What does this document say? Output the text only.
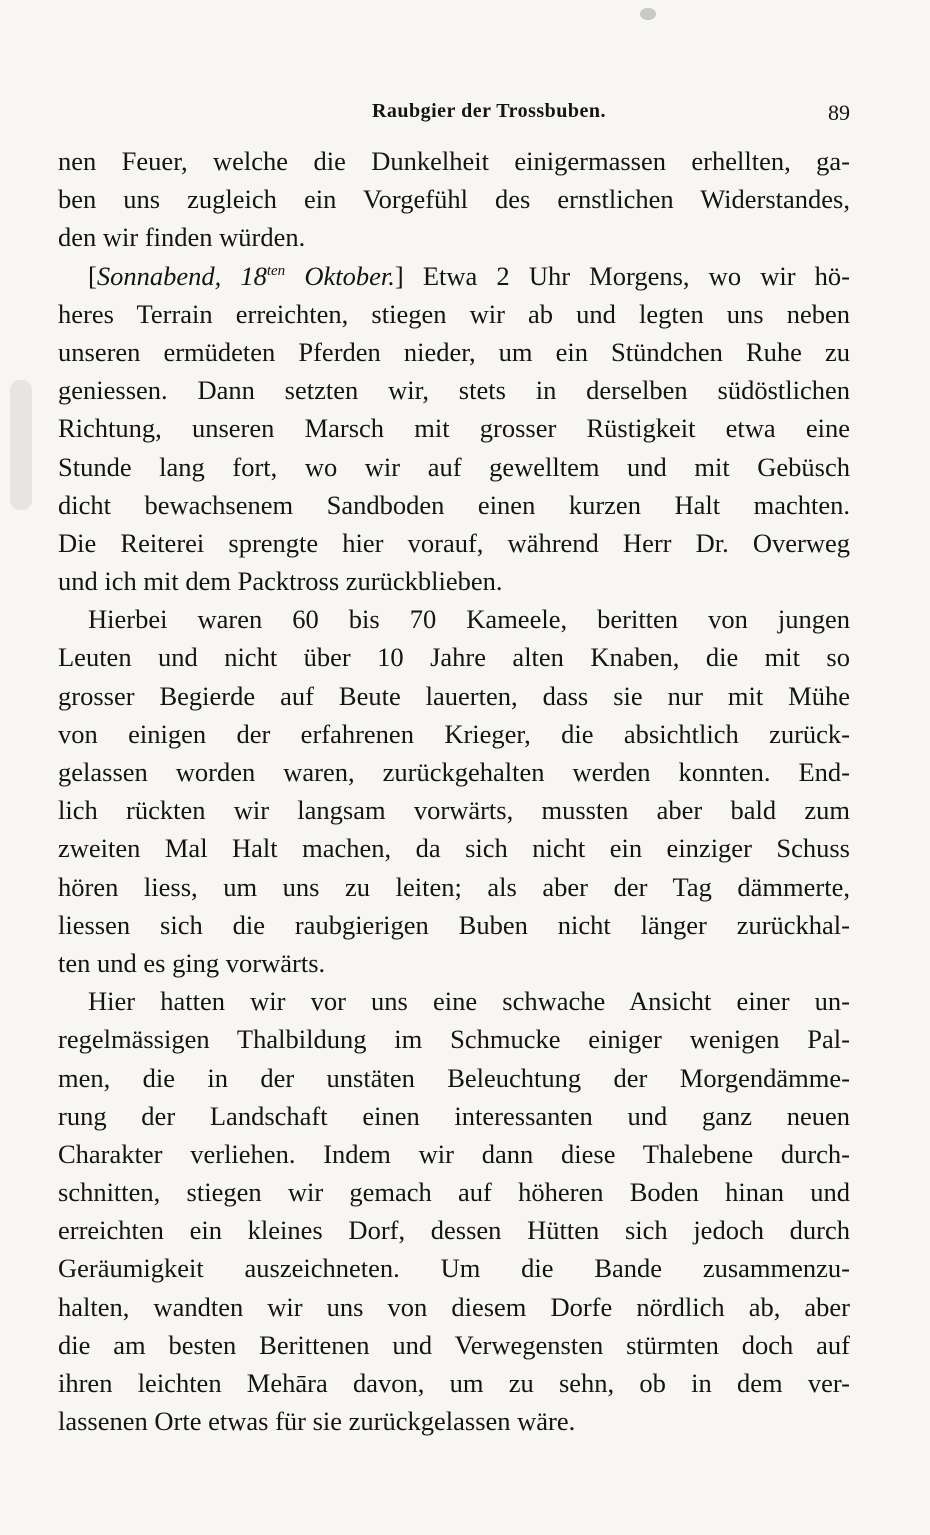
Raubgier der Trossbuben.	89
nen Feuer, welche die Dunkelheit einigermassen erhellten, ga-
ben uns zugleich ein Vorgefühl des ernstlichen Widerstandes,
den wir finden würden.
[Sonnabend, $18^{ten}$ Oktober.] Etwa 2 Uhr Morgens, wo wir hö-
heres Terrain erreichten, stiegen wir ab und legten uns neben
unseren ermüdeten Pferden nieder, um ein Stündchen Ruhe zu
geniessen. Dann setzten wir, stets in derselben südöstlichen
Richtung, unseren Marsch mit grosser Rüstigkeit etwa eine
Stunde lang fort, wo wir auf gewelltem und mit Gebüsch
dicht bewachsenem Sandboden einen kurzen Halt machten.
Die Reiterei sprengte hier vorauf, während Herr Dr. Overweg
und ich mit dem Packtross zurückblieben.
Hierbei waren 60 bis 70 Kameele, beritten von jungen
Leuten und nicht über 10 Jahre alten Knaben, die mit so
grosser Begierde auf Beute lauerten, dass sie nur mit Mühe
von einigen der erfahrenen Krieger, die absichtlich zurück-
gelassen worden waren, zurückgehalten werden konnten. End-
lich rückten wir langsam vorwärts, mussten aber bald zum
zweiten Mal Halt machen, da sich nicht ein einziger Schuss
hören liess, um uns zu leiten; als aber der Tag dämmerte,
liessen sich die raubgierigen Buben nicht länger zurückhal-
ten und es ging vorwärts.
Hier hatten wir vor uns eine schwache Ansicht einer un-
regelmässigen Thalbildung im Schmucke einiger wenigen Pal-
men, die in der unstäten Beleuchtung der Morgendämme-
rung der Landschaft einen interessanten und ganz neuen
Charakter verliehen. Indem wir dann diese Thalebene durch-
schnitten, stiegen wir gemach auf höheren Boden hinan und
erreichten ein kleines Dorf, dessen Hütten sich jedoch durch
Geräumigkeit auszeichneten. Um die Bande zusammenzu-
halten, wandten wir uns von diesem Dorfe nördlich ab, aber
die am besten Berittenen und Verwegensten stürmten doch auf
ihren leichten Mehāra davon, um zu sehn, ob in dem ver-
lassenen Orte etwas für sie zurückgelassen wäre.
